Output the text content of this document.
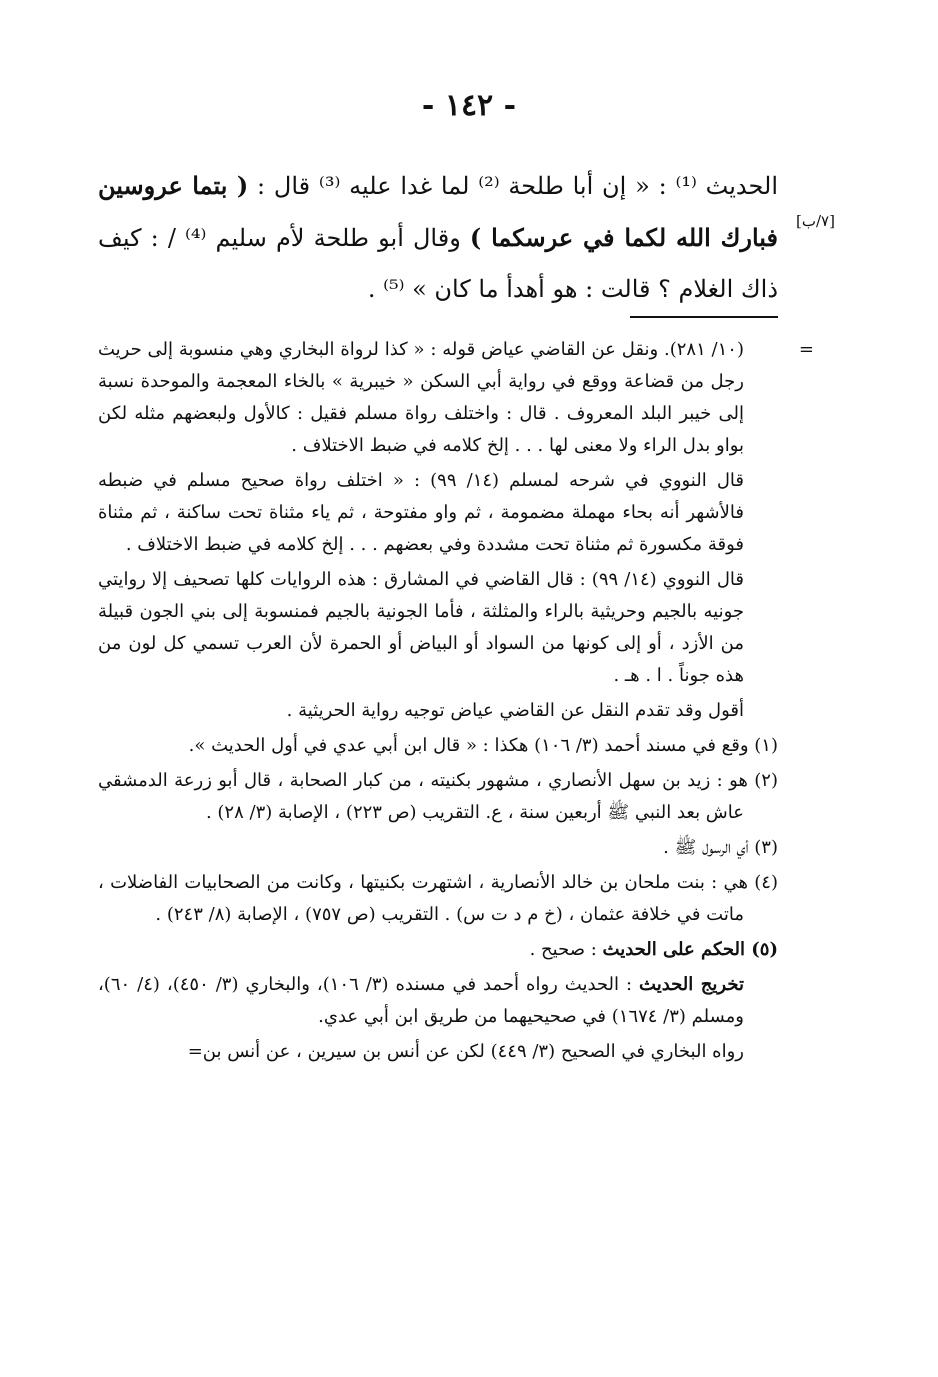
- ١٤٢ -
[٧/ب]
الحديث ⁽¹⁾ : « إن أبا طلحة ⁽²⁾ لما غدا عليه ⁽³⁾ قال : ( بتما عروسين فبارك الله لكما في عرسكما ) وقال أبو طلحة لأم سليم ⁽⁴⁾ / : كيف ذاك الغلام ؟ قالت : هو أهدأ ما كان » ⁽⁵⁾ .
=
(١٠/ ٢٨١). ونقل عن القاضي عياض قوله : « كذا لرواة البخاري وهي منسوبة إلى حريث رجل من قضاعة ووقع في رواية أبي السكن « خيبرية » بالخاء المعجمة والموحدة نسبة إلى خيبر البلد المعروف . قال : واختلف رواة مسلم فقيل : كالأول ولبعضهم مثله لكن بواو بدل الراء ولا معنى لها . . . إلخ كلامه في ضبط الاختلاف .
قال النووي في شرحه لمسلم (١٤/ ٩٩) : « اختلف رواة صحيح مسلم في ضبطه فالأشهر أنه بحاء مهملة مضمومة ، ثم واو مفتوحة ، ثم ياء مثناة تحت ساكنة ، ثم مثناة فوقة مكسورة ثم مثناة تحت مشددة وفي بعضهم . . . إلخ كلامه في ضبط الاختلاف .
قال النووي (١٤/ ٩٩) : قال القاضي في المشارق : هذه الروايات كلها تصحيف إلا روايتي جونيه بالجيم وحريثية بالراء والمثلثة ، فأما الجونية بالجيم فمنسوبة إلى بني الجون قبيلة من الأزد ، أو إلى كونها من السواد أو البياض أو الحمرة لأن العرب تسمي كل لون من هذه جوناً . ا . هـ .
أقول وقد تقدم النقل عن القاضي عياض توجيه رواية الحريثية .
(١) وقع في مسند أحمد (٣/ ١٠٦) هكذا : « قال ابن أبي عدي في أول الحديث ».
(٢) هو : زيد بن سهل الأنصاري ، مشهور بكنيته ، من كبار الصحابة ، قال أبو زرعة الدمشقي عاش بعد النبي ﷺ أربعين سنة ، ع. التقريب (ص ٢٢٣) ، الإصابة (٣/ ٢٨) .
(٣) أي الرسول ﷺ .
(٤) هي : بنت ملحان بن خالد الأنصارية ، اشتهرت بكنيتها ، وكانت من الصحابيات الفاضلات ، ماتت في خلافة عثمان ، (خ م د ت س) . التقريب (ص ٧٥٧) ، الإصابة (٨/ ٢٤٣) .
(٥) الحكم على الحديث : صحيح .
تخريج الحديث : الحديث رواه أحمد في مسنده (٣/ ١٠٦)، والبخاري (٣/ ٤٥٠)، (٤/ ٦٠)، ومسلم (٣/ ١٦٧٤) في صحيحيهما من طريق ابن أبي عدي.
رواه البخاري في الصحيح (٣/ ٤٤٩) لكن عن أنس بن سيرين ، عن أنس بن=
